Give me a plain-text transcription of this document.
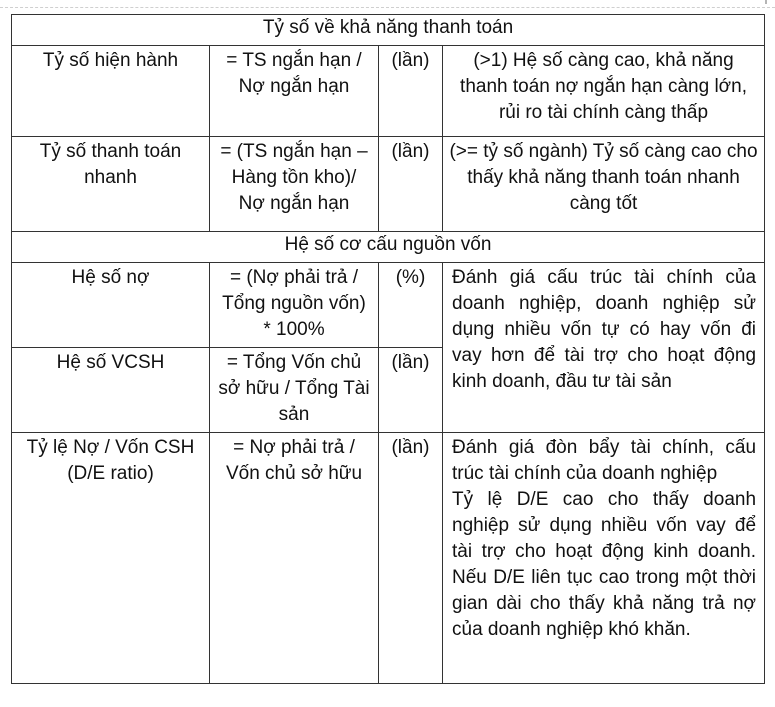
Tỷ số về khả năng thanh toán			
Tỷ số hiện hành	= TS ngắn hạn / Nợ ngắn hạn	(lần)	(>1) Hệ số càng cao, khả năng thanh toán nợ ngắn hạn càng lớn, rủi ro tài chính càng thấp
Tỷ số thanh toán nhanh	= (TS ngắn hạn – Hàng tồn kho)/ Nợ ngắn hạn	(lần)	(>= tỷ số ngành) Tỷ số càng cao cho thấy khả năng thanh toán nhanh càng tốt
Hệ số cơ cấu nguồn vốn			
Hệ số nợ	= (Nợ phải trả / Tổng nguồn vốn) * 100%	(%)	Đánh giá cấu trúc tài chính của doanh nghiệp, doanh nghiệp sử dụng nhiều vốn tự có hay vốn đi vay hơn để tài trợ cho hoạt động kinh doanh, đầu tư tài sản
Hệ số VCSH	= Tổng Vốn chủ sở hữu / Tổng Tài sản	(lần)	
Tỷ lệ Nợ / Vốn CSH (D/E ratio)	= Nợ phải trả / Vốn chủ sở hữu	(lần)	Đánh giá đòn bẩy tài chính, cấu trúc tài chính của doanh nghiệp
Tỷ lệ D/E cao cho thấy doanh nghiệp sử dụng nhiều vốn vay để tài trợ cho hoạt động kinh doanh. Nếu D/E liên tục cao trong một thời gian dài cho thấy khả năng trả nợ của doanh nghiệp khó khăn.
